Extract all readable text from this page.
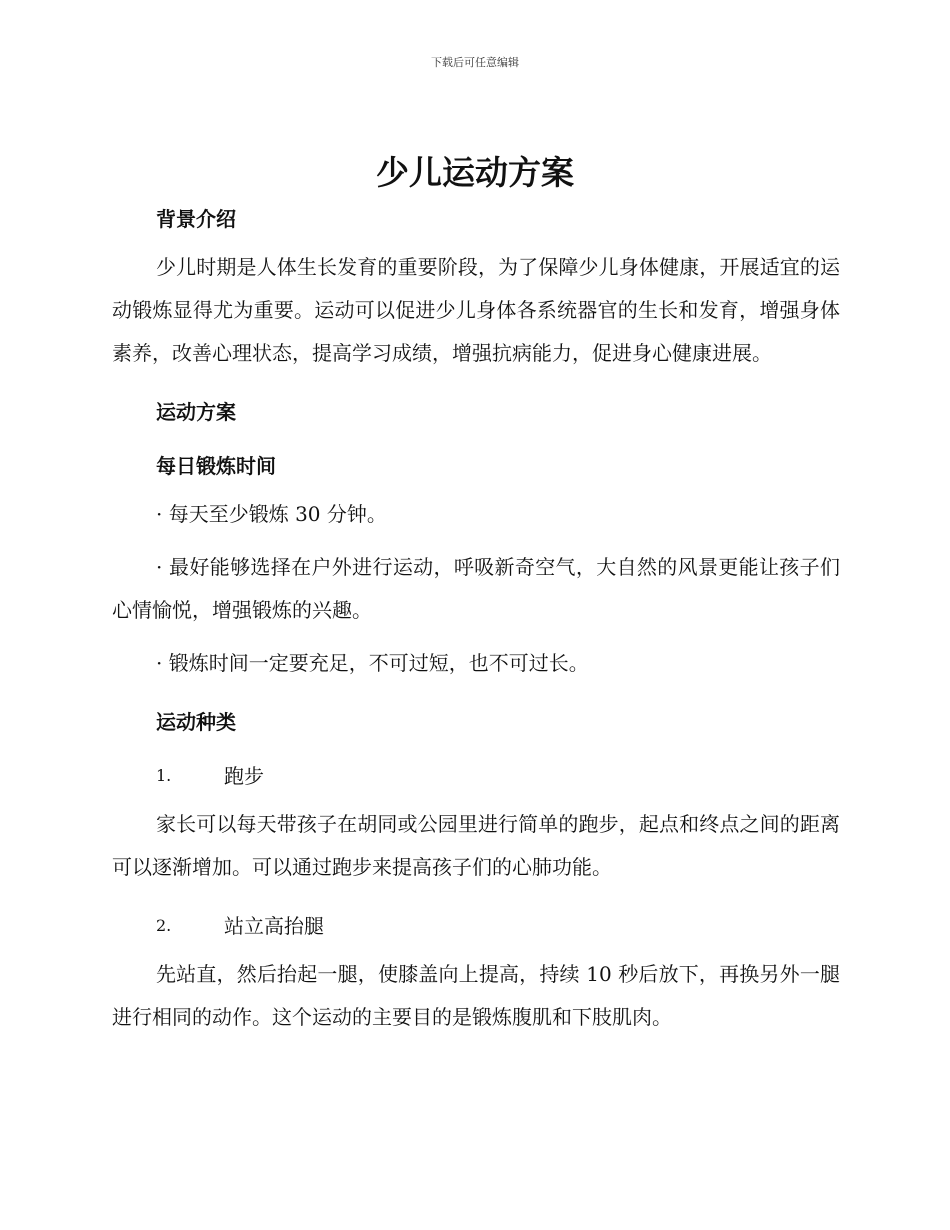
下载后可任意编辑
少儿运动方案
背景介绍

少儿时期是人体生长发育的重要阶段，为了保障少儿身体健康，开展适宜的运动锻炼显得尤为重要。运动可以促进少儿身体各系统器官的生长和发育，增强身体素养，改善心理状态，提高学习成绩，增强抗病能力，促进身心健康进展。

运动方案
每日锻炼时间

· 每天至少锻炼 30 分钟。

· 最好能够选择在户外进行运动，呼吸新奇空气，大自然的风景更能让孩子们心情愉悦，增强锻炼的兴趣。

· 锻炼时间一定要充足，不可过短，也不可过长。

运动种类
1.	跑步

家长可以每天带孩子在胡同或公园里进行简单的跑步，起点和终点之间的距离可以逐渐增加。可以通过跑步来提高孩子们的心肺功能。

2.	站立高抬腿

先站直，然后抬起一腿，使膝盖向上提高，持续 10 秒后放下，再换另外一腿进行相同的动作。这个运动的主要目的是锻炼腹肌和下肢肌肉。
